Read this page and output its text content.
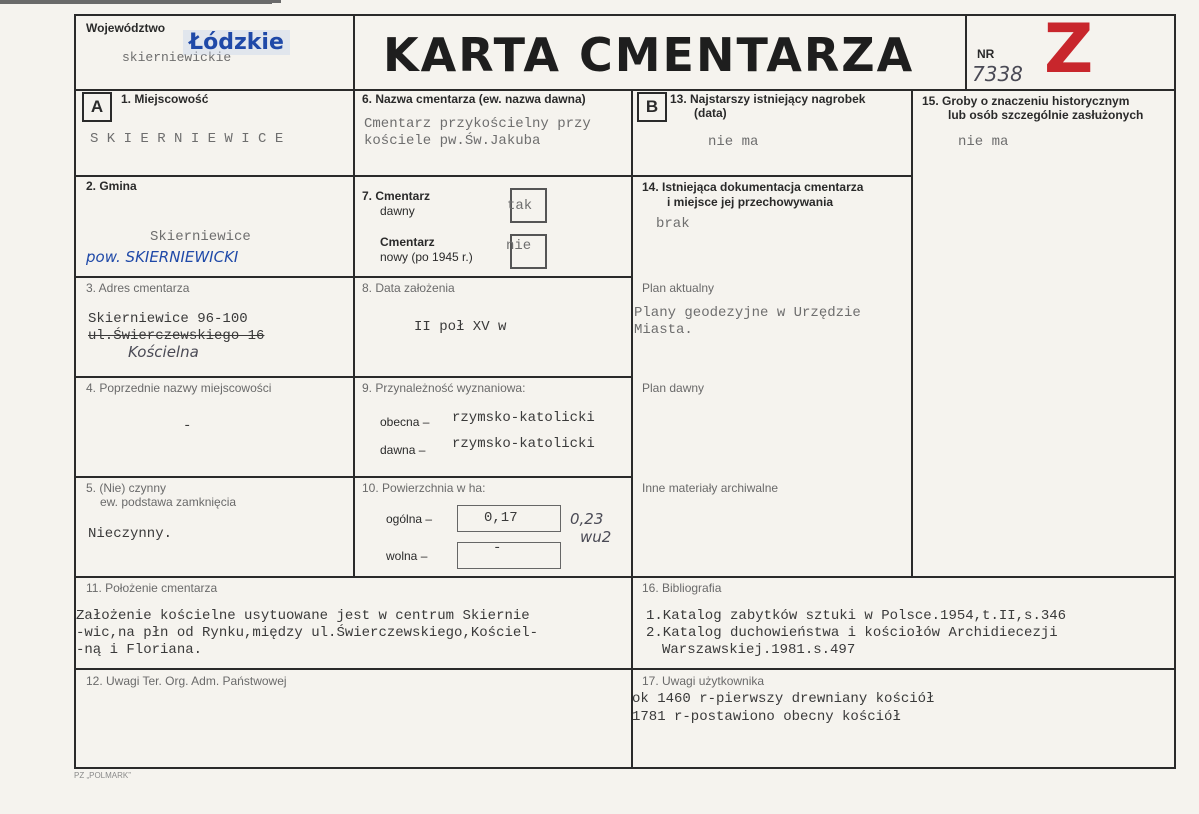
Województwo
skierniewickie
Łódzkie KARTA CMENTARZA	NR
7338 Z
A	B
1. Miejscowość
S K I E R N I E W I C E
2. Gmina
Skierniewice
pow. SKIERNIEWICKI
3. Adres cmentarza
Skierniewice 96-100
ul.Świerczewskiego 16
Kościelna
4. Poprzednie nazwy miejscowości
-
5. (Nie) czynny
ew. podstawa zamknięcia
Nieczynny.
6. Nazwa cmentarza (ew. nazwa dawna)
Cmentarz przykościelny przy
kościele pw.Św.Jakuba
7. Cmentarz
dawny	tak
Cmentarz
nowy (po 1945 r.)
nie
8. Data założenia
II poł XV w
9. Przynależność wyznaniowa:
obecna – rzymsko-katolicki
dawna – rzymsko-katolicki
10. Powierzchnia w ha:
ogólna –	0,17
wolna –	-
0,23
wu2
11. Położenie cmentarza
Założenie kościelne usytuowane jest w centrum Skiernie
-wic,na płn od Rynku,między ul.Świerczewskiego,Kościel-
-ną i Floriana.
12. Uwagi Ter. Org. Adm. Państwowej
13. Najstarszy istniejący nagrobek
(data)
nie ma
14. Istniejąca dokumentacja cmentarza
i miejsce jej przechowywania
brak
Plan aktualny
Plany geodezyjne w Urzędzie
Miasta.
Plan dawny
Inne materiały archiwalne
15. Groby o znaczeniu historycznym
lub osób szczególnie zasłużonych
nie ma
16. Bibliografia
1.Katalog zabytków sztuki w Polsce.1954,t.II,s.346
2.Katalog duchowieństwa i kościołów Archidiecezji
Warszawskiej.1981.s.497
17. Uwagi użytkownika
ok 1460 r-pierwszy drewniany kościół
1781 r-postawiono obecny kościół
PZ „POLMARK”
